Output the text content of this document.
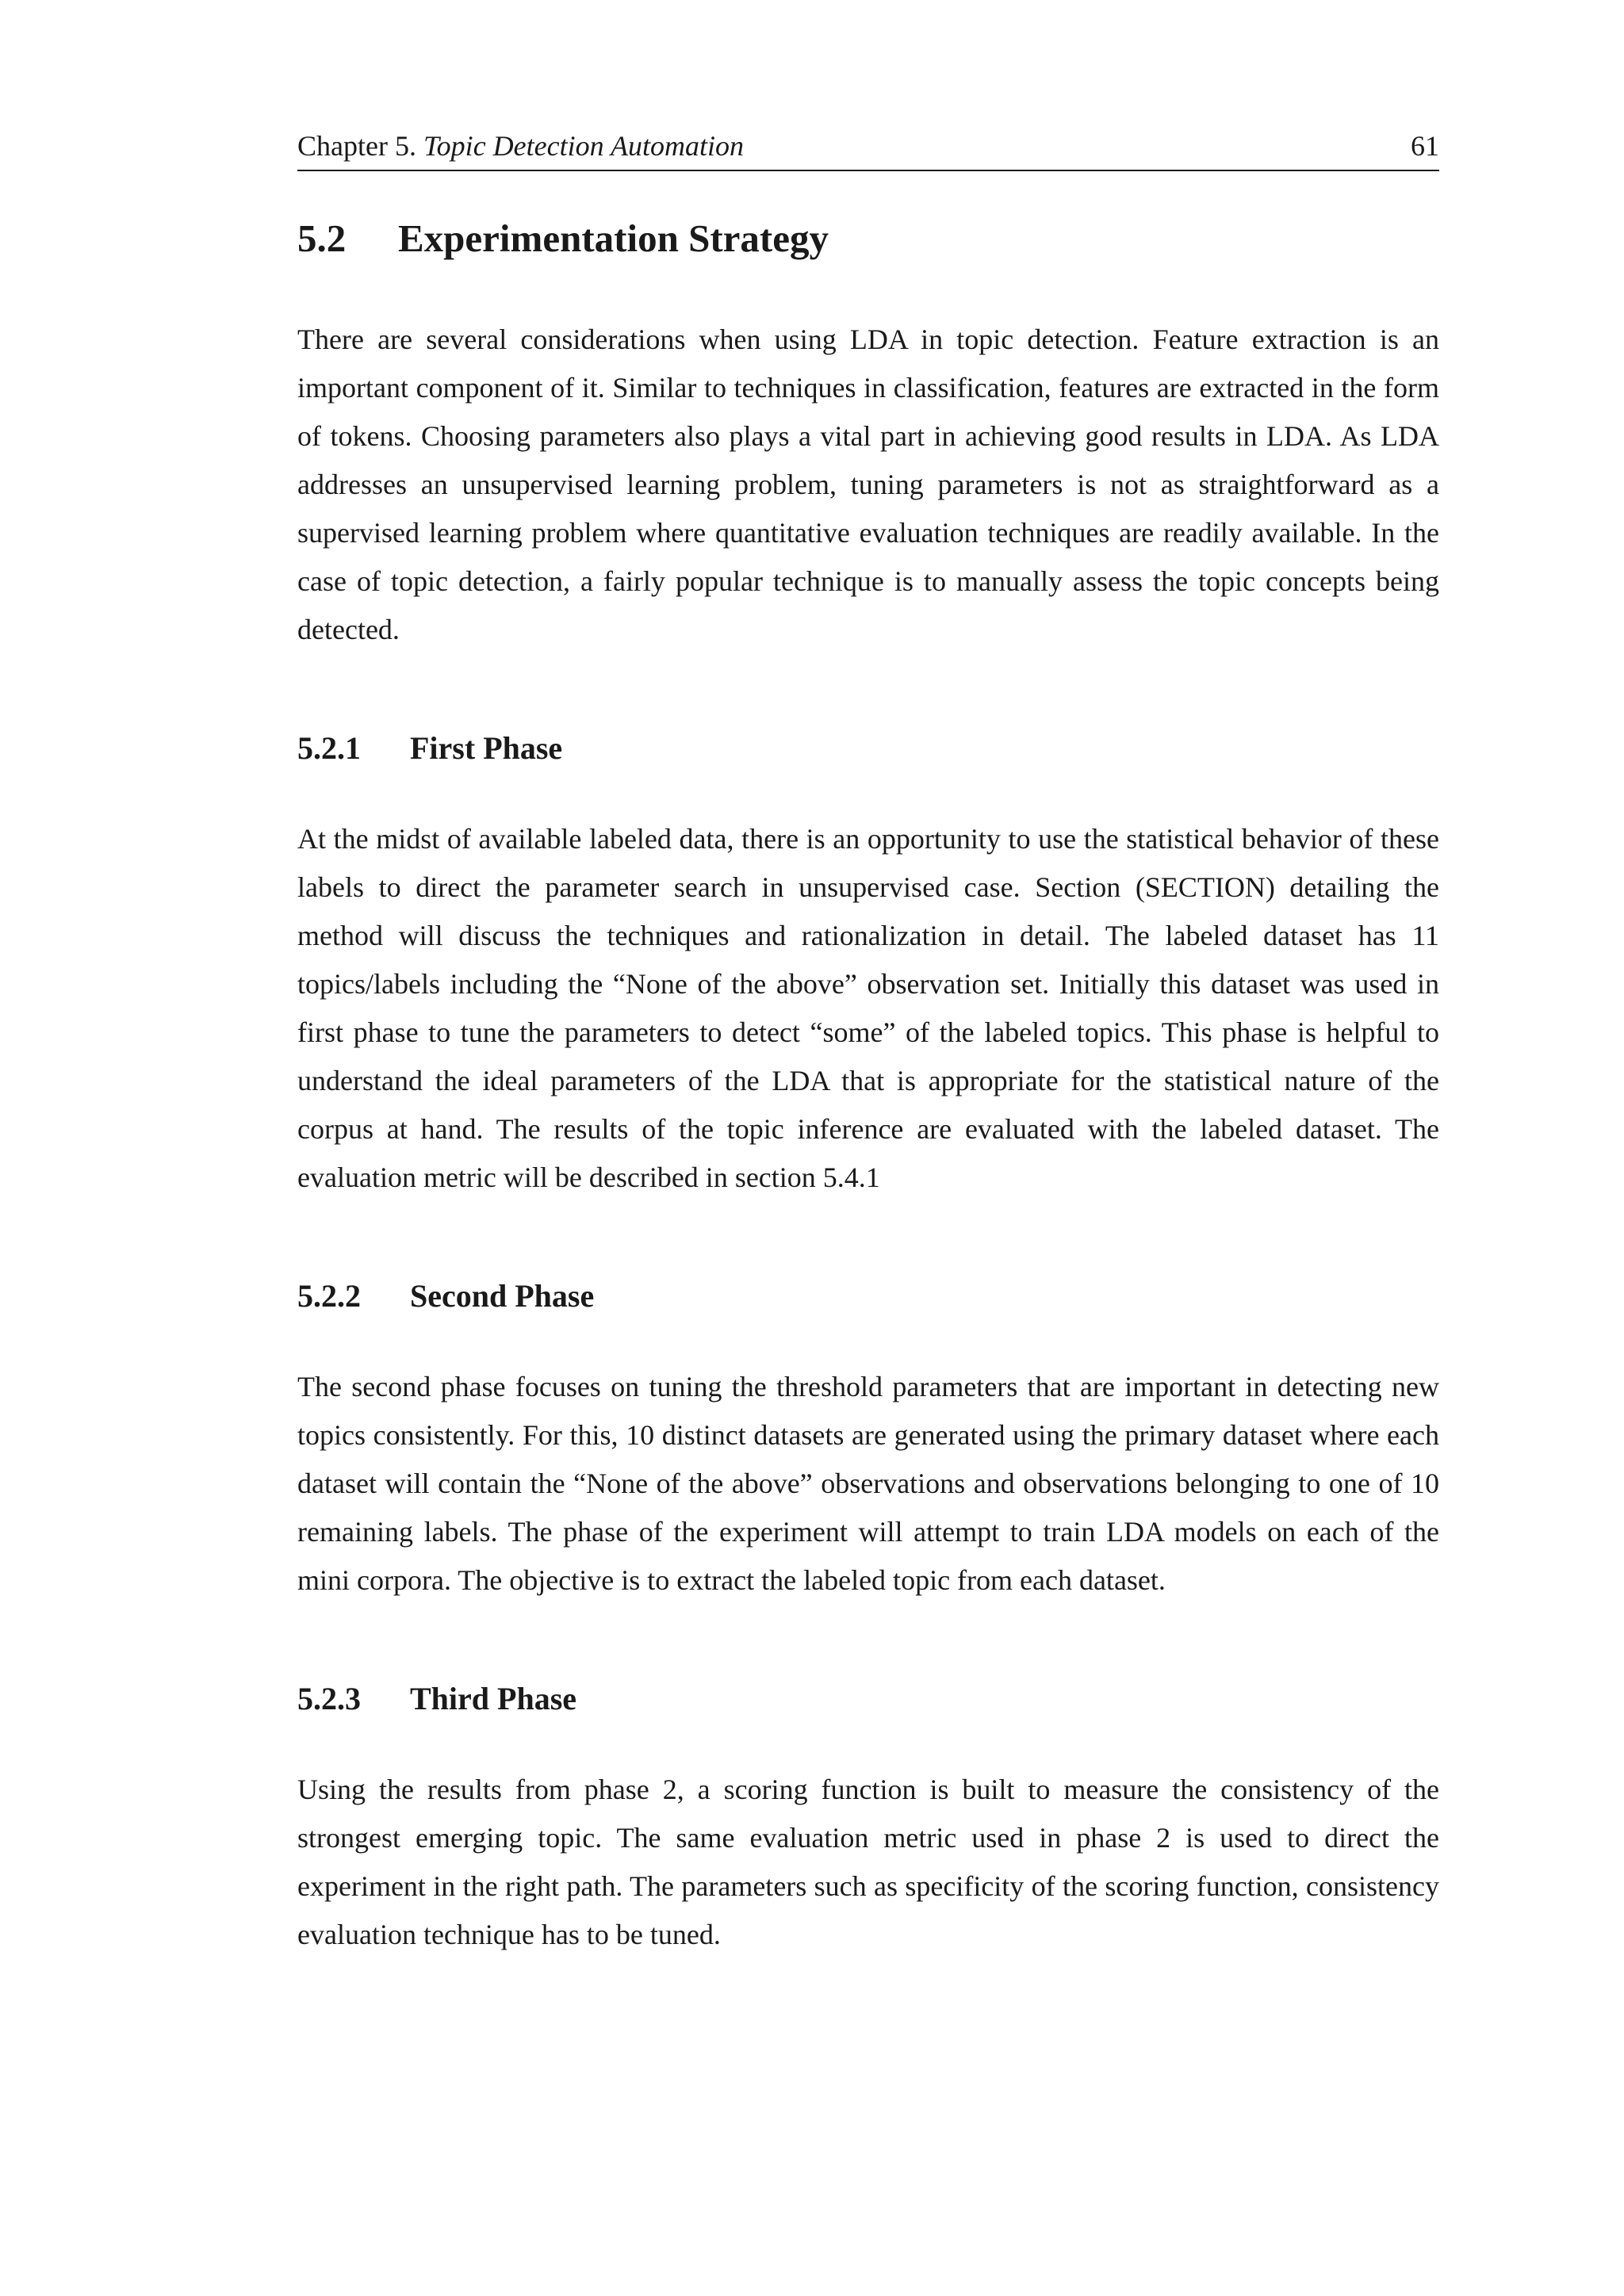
Chapter 5. Topic Detection Automation	61
5.2	Experimentation Strategy

There are several considerations when using LDA in topic detection. Feature extraction is an important component of it. Similar to techniques in classification, features are extracted in the form of tokens. Choosing parameters also plays a vital part in achieving good results in LDA. As LDA addresses an unsupervised learning problem, tuning parameters is not as straightforward as a supervised learning problem where quantitative evaluation techniques are readily available. In the case of topic detection, a fairly popular technique is to manually assess the topic concepts being detected.

5.2.1	First Phase

At the midst of available labeled data, there is an opportunity to use the statistical behavior of these labels to direct the parameter search in unsupervised case. Section (SECTION) detailing the method will discuss the techniques and rationalization in detail. The labeled dataset has 11 topics/labels including the “None of the above” observation set. Initially this dataset was used in first phase to tune the parameters to detect “some” of the labeled topics. This phase is helpful to understand the ideal parameters of the LDA that is appropriate for the statistical nature of the corpus at hand. The results of the topic inference are evaluated with the labeled dataset. The evaluation metric will be described in section 5.4.1

5.2.2	Second Phase

The second phase focuses on tuning the threshold parameters that are important in detecting new topics consistently. For this, 10 distinct datasets are generated using the primary dataset where each dataset will contain the “None of the above” observations and observations belonging to one of 10 remaining labels. The phase of the experiment will attempt to train LDA models on each of the mini corpora. The objective is to extract the labeled topic from each dataset.

5.2.3	Third Phase

Using the results from phase 2, a scoring function is built to measure the consistency of the strongest emerging topic. The same evaluation metric used in phase 2 is used to direct the experiment in the right path. The parameters such as specificity of the scoring function, consistency evaluation technique has to be tuned.
